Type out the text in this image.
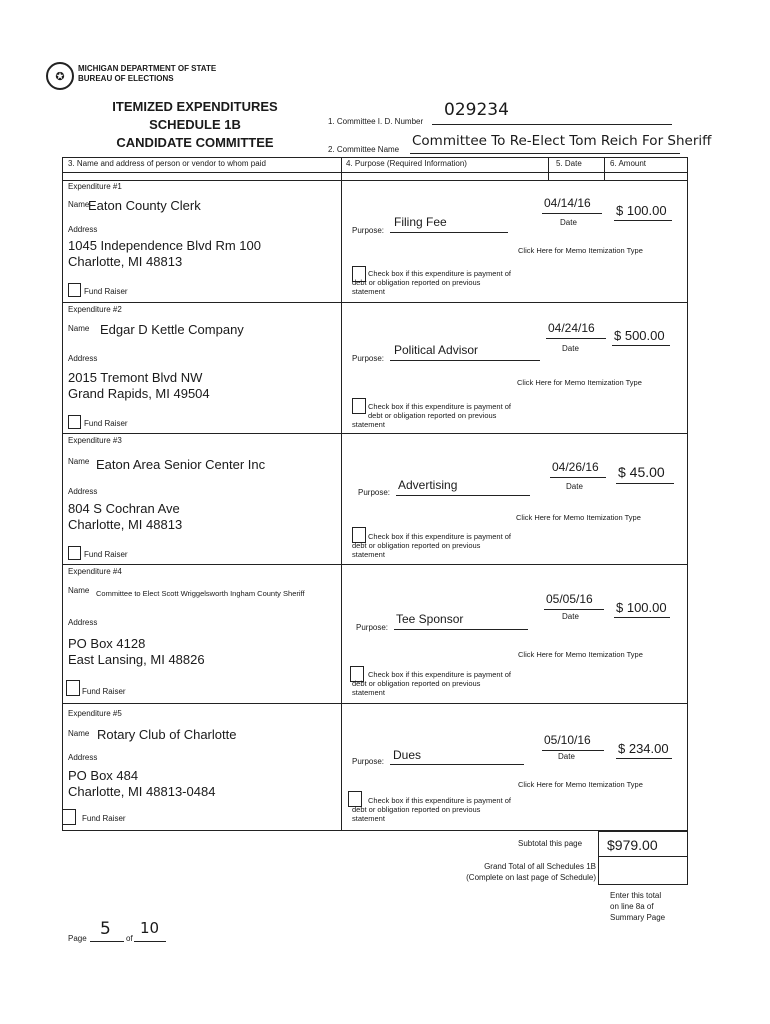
✪
MICHIGAN DEPARTMENT OF STATE
BUREAU OF ELECTIONS
ITEMIZED EXPENDITURES
SCHEDULE 1B
CANDIDATE COMMITTEE
1. Committee I. D. Number
029234
2. Committee Name
Committee To Re-Elect Tom Reich For Sheriff
3. Name and address of person or vendor to whom paid	4. Purpose (Required Information)	5. Date	6. Amount
Expenditure #1
Name
Eaton County Clerk
Address
1045 Independence Blvd Rm 100
Charlotte, MI 48813
Fund Raiser
Purpose:
Filing Fee
04/14/16
Date
$ 100.00
Click Here for Memo Itemization Type
Check box if this expenditure is payment of
debt or obligation reported on previous
statement
Expenditure #2
Name Edgar D Kettle Company
Address
2015 Tremont Blvd NW
Grand Rapids, MI 49504
Fund Raiser
Purpose:
Political Advisor
04/24/16
Date
$ 500.00
Click Here for Memo Itemization Type
Check box if this expenditure is payment of
debt or obligation reported on previous
statement
Expenditure #3
Name Eaton Area Senior Center Inc
Address
804 S Cochran Ave
Charlotte, MI 48813
Fund Raiser
Purpose:
Advertising
04/26/16
Date
$ 45.00
Click Here for Memo Itemization Type
Check box if this expenditure is payment of
debt or obligation reported on previous
statement
Expenditure #4
Name Committee to Elect Scott Wriggelsworth Ingham County Sheriff
Address
PO Box 4128
East Lansing, MI 48826
Fund Raiser
Purpose:
Tee Sponsor
05/05/16
Date
$ 100.00
Click Here for Memo Itemization Type
Check box if this expenditure is payment of
debt or obligation reported on previous
statement
Expenditure #5
Name Rotary Club of Charlotte
Address
PO Box 484
Charlotte, MI 48813-0484
Fund Raiser
Purpose: Dues
05/10/16
Date
$ 234.00
Click Here for Memo Itemization Type
Check box if this expenditure is payment of
debt or obligation reported on previous
statement
Subtotal this page $979.00
Grand Total of all Schedules 1B
(Complete on last page of Schedule)
Enter this total
on line 8a of
Summary Page
Page 5 of
10
